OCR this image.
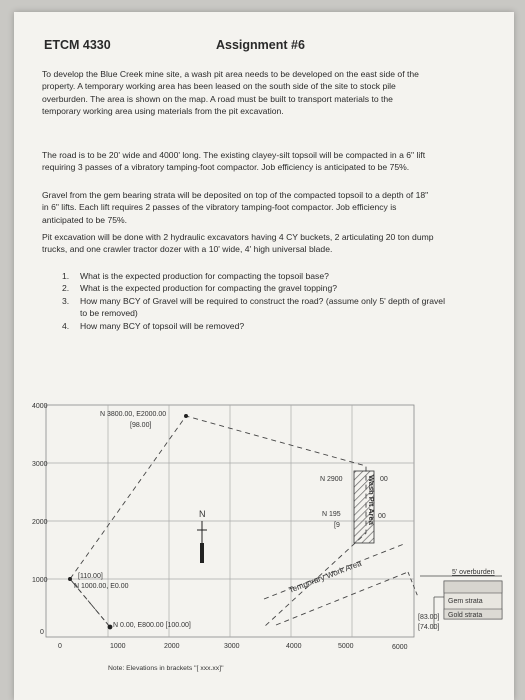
ETCM 4330	Assignment #6
To develop the Blue Creek mine site, a wash pit area needs to be developed on the east side of the
property. A temporary working area has been leased on the south side of the site to stock pile
overburden. The area is shown on the map. A road must be built to transport materials to the
temporary working area using materials from the pit excavation.
The road is to be 20' wide and 4000' long. The existing clayey-silt topsoil will be compacted in a 6" lift
requiring 3 passes of a vibratory tamping-foot compactor. Job efficiency is anticipated to be 75%.
Gravel from the gem bearing strata will be deposited on top of the compacted topsoil to a depth of 18"
in 6" lifts. Each lift requires 2 passes of the vibratory tamping-foot compactor. Job efficiency is
anticipated to be 75%.
Pit excavation will be done with 2 hydraulic excavators having 4 CY buckets, 2 articulating 20 ton dump
trucks, and one crawler tractor dozer with a 10' wide, 4' high universal blade.
1.	What is the expected production for compacting the topsoil base?
2.	What is the expected production for compacting the gravel topping?
3.	How many BCY of Gravel will be required to construct the road? (assume only 5' depth of gravel
to be removed)
4.	How many BCY of topsoil will be removed?
4000
3000
2000
1000
0
0	1000	2000	3000	4000	5000	6000
Temporary Work Area
Wash Pit Area
N 3800.00, E2000.00
[98.00]
[110.00]
N 1000.00, E0.00
N 0.00, E800.00 [100.00]
N 2900	00
N 195
[9
00
N
5' overburden
Gem strata
Gold strata
[83.00]
[74.00]
Note: Elevations in brackets "[ xxx.xx]"
